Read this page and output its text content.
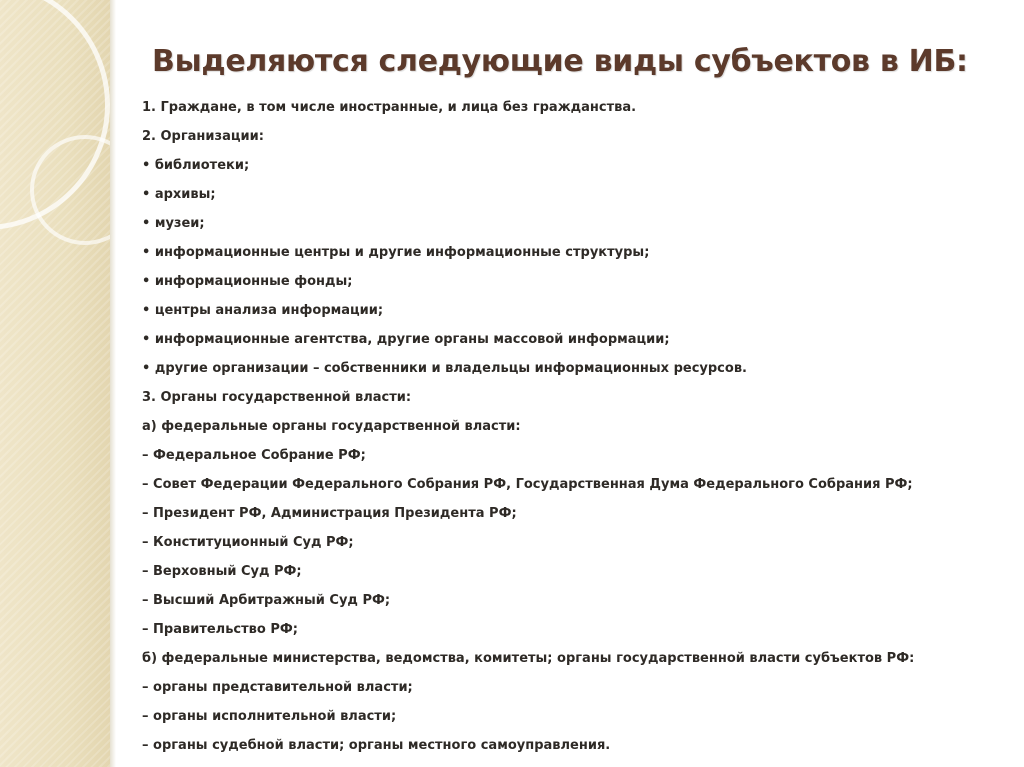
Выделяются следующие виды субъектов в ИБ:
1. Граждане, в том числе иностранные, и лица без гражданства.
2. Организации:
• библиотеки;
• архивы;
• музеи;
• информационные центры и другие информационные структуры;
• информационные фонды;
• центры анализа информации;
• информационные агентства, другие органы массовой информации;
• другие организации – собственники и владельцы информационных ресурсов.
3. Органы государственной власти:
а) федеральные органы государственной власти:
– Федеральное Собрание РФ;
– Совет Федерации Федерального Собрания РФ, Государственная Дума Федерального Собрания РФ;
– Президент РФ, Администрация Президента РФ;
– Конституционный Суд РФ;
– Верховный Суд РФ;
– Высший Арбитражный Суд РФ;
– Правительство РФ;
б) федеральные министерства, ведомства, комитеты; органы государственной власти субъектов РФ:
– органы представительной власти;
– органы исполнительной власти;
– органы судебной власти; органы местного самоуправления.
